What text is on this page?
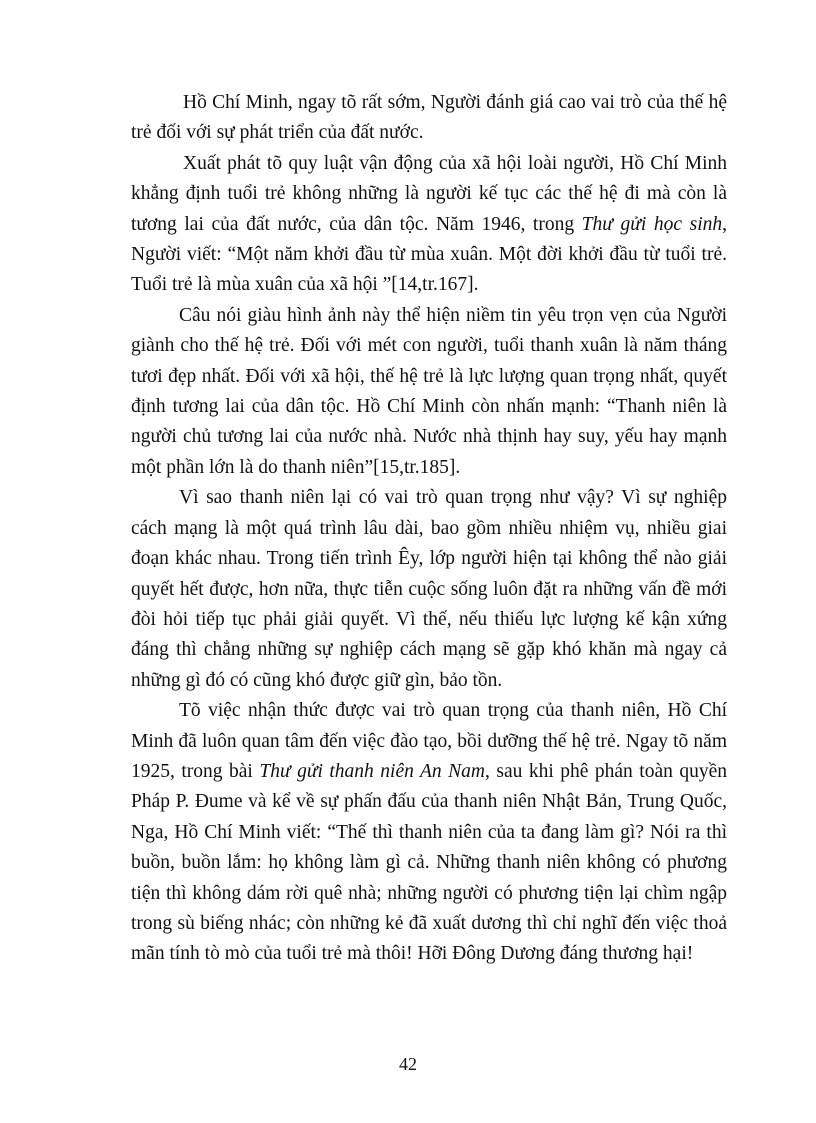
Hồ Chí Minh, ngay tõ rất sớm, Người đánh giá cao vai trò của thế hệ trẻ đối với sự phát triển của đất nước.

Xuất phát tõ quy luật vận động của xã hội loài người, Hồ Chí Minh khẳng định tuổi trẻ không những là người kế tục các thế hệ đi mà còn là tương lai của đất nước, của dân tộc. Năm 1946, trong Thư gửi học sinh, Người viết: “Một năm khởi đầu từ mùa xuân. Một đời khởi đầu từ tuổi trẻ. Tuổi trẻ là mùa xuân của xã hội ”[14,tr.167].

Câu nói giàu hình ảnh này thể hiện niềm tin yêu trọn vẹn của Người giành cho thế hệ trẻ. Đối với mét con người, tuổi thanh xuân là năm tháng tươi đẹp nhất. Đối với xã hội, thế hệ trẻ là lực lượng quan trọng nhất, quyết định tương lai của dân tộc. Hồ Chí Minh còn nhấn mạnh: “Thanh niên là người chủ tương lai của nước nhà. Nước nhà thịnh hay suy, yếu hay mạnh một phần lớn là do thanh niên”[15,tr.185].

Vì sao thanh niên lại có vai trò quan trọng như vậy? Vì sự nghiệp cách mạng là một quá trình lâu dài, bao gồm nhiều nhiệm vụ, nhiều giai đoạn khác nhau. Trong tiến trình Êy, lớp người hiện tại không thể nào giải quyết hết được, hơn nữa, thực tiễn cuộc sống luôn đặt ra những vấn đề mới đòi hỏi tiếp tục phải giải quyết. Vì thế, nếu thiếu lực lượng kế kận xứng đáng thì chẳng những sự nghiệp cách mạng sẽ gặp khó khăn mà ngay cả những gì đó có cũng khó được giữ gìn, bảo tồn.

Tõ việc nhận thức được vai trò quan trọng của thanh niên, Hồ Chí Minh đã luôn quan tâm đến việc đào tạo, bồi dưỡng thế hệ trẻ. Ngay tõ năm 1925, trong bài Thư gửi thanh niên An Nam, sau khi phê phán toàn quyền Pháp P. Đume và kể về sự phấn đấu của thanh niên Nhật Bản, Trung Quốc, Nga, Hồ Chí Minh viết: “Thế thì thanh niên của ta đang làm gì? Nói ra thì buồn, buồn lắm: họ không làm gì cả. Những thanh niên không có phương tiện thì không dám rời quê nhà; những người có phương tiện lại chìm ngập trong sù biếng nhác; còn những kẻ đã xuất dương thì chỉ nghĩ đến việc thoả mãn tính tò mò của tuổi trẻ mà thôi! Hỡi Đông Dương đáng thương hại!

42
